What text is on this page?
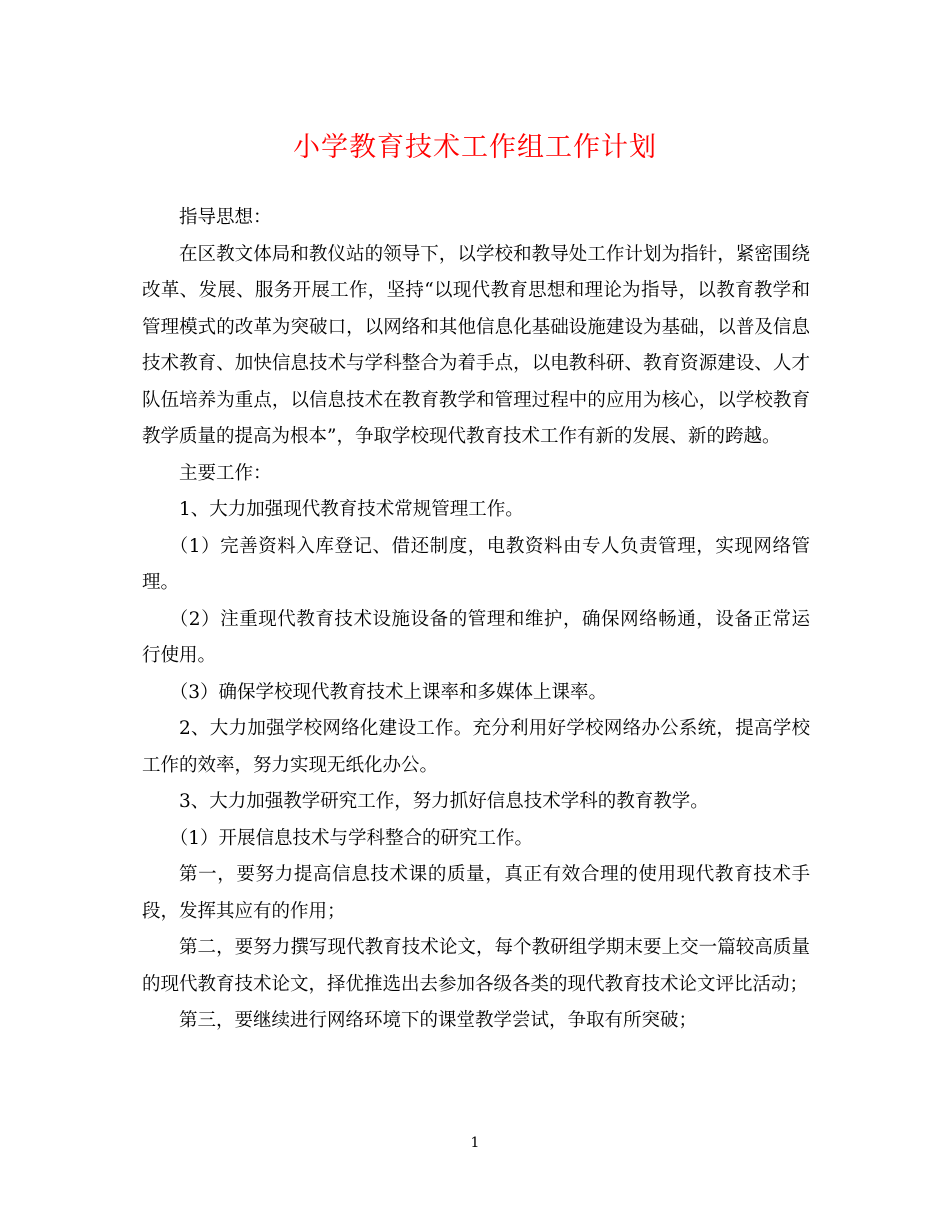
小学教育技术工作组工作计划

指导思想：

在区教文体局和教仪站的领导下，以学校和教导处工作计划为指针，紧密围绕改革、发展、服务开展工作，坚持“以现代教育思想和理论为指导，以教育教学和管理模式的改革为突破口，以网络和其他信息化基础设施建设为基础，以普及信息技术教育、加快信息技术与学科整合为着手点，以电教科研、教育资源建设、人才队伍培养为重点，以信息技术在教育教学和管理过程中的应用为核心，以学校教育教学质量的提高为根本”，争取学校现代教育技术工作有新的发展、新的跨越。

主要工作：

1、大力加强现代教育技术常规管理工作。

（1）完善资料入库登记、借还制度，电教资料由专人负责管理，实现网络管理。

（2）注重现代教育技术设施设备的管理和维护，确保网络畅通，设备正常运行使用。

（3）确保学校现代教育技术上课率和多媒体上课率。

2、大力加强学校网络化建设工作。充分利用好学校网络办公系统，提高学校工作的效率，努力实现无纸化办公。

3、大力加强教学研究工作，努力抓好信息技术学科的教育教学。

（1）开展信息技术与学科整合的研究工作。

第一，要努力提高信息技术课的质量，真正有效合理的使用现代教育技术手段，发挥其应有的作用；

第二，要努力撰写现代教育技术论文，每个教研组学期末要上交一篇较高质量的现代教育技术论文，择优推选出去参加各级各类的现代教育技术论文评比活动；

第三，要继续进行网络环境下的课堂教学尝试，争取有所突破；

1
